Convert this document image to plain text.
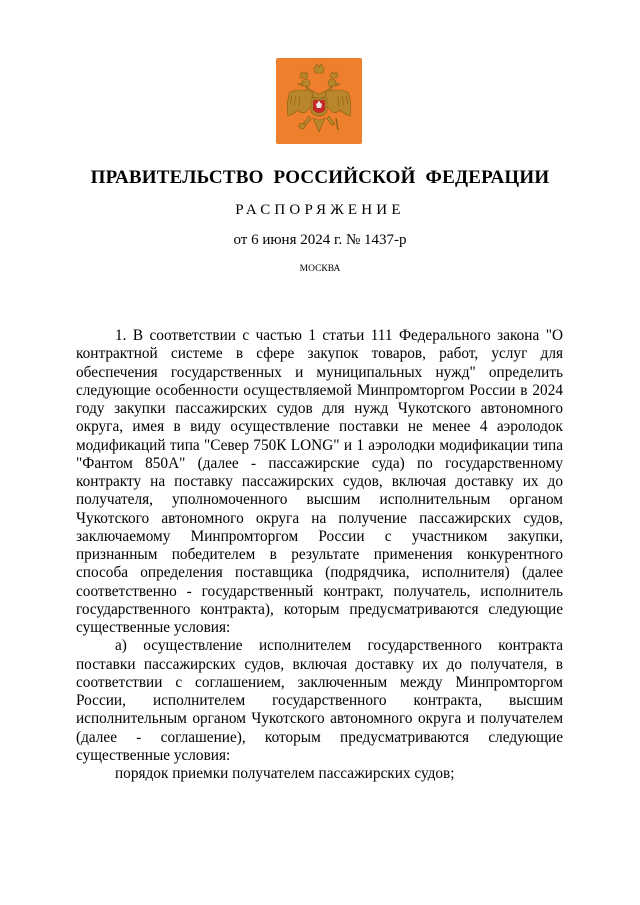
ПРАВИТЕЛЬСТВО РОССИЙСКОЙ ФЕДЕРАЦИИ
РАСПОРЯЖЕНИЕ
от 6 июня 2024 г. № 1437-р
МОСКВА

1. В соответствии с частью 1 статьи 111 Федерального закона "О контрактной системе в сфере закупок товаров, работ, услуг для обеспечения государственных и муниципальных нужд" определить следующие особенности осуществляемой Минпромторгом России в 2024 году закупки пассажирских судов для нужд Чукотского автономного округа, имея в виду осуществление поставки не менее 4 аэролодок модификаций типа "Север 750К LONG" и 1 аэролодки модификации типа "Фантом 850А" (далее - пассажирские суда) по государственному контракту на поставку пассажирских судов, включая доставку их до получателя, уполномоченного высшим исполнительным органом Чукотского автономного округа на получение пассажирских судов, заключаемому Минпромторгом России с участником закупки, признанным победителем в результате применения конкурентного способа определения поставщика (подрядчика, исполнителя) (далее соответственно - государственный контракт, получатель, исполнитель государственного контракта), которым предусматриваются следующие существенные условия:

а) осуществление исполнителем государственного контракта поставки пассажирских судов, включая доставку их до получателя, в соответствии с соглашением, заключенным между Минпромторгом России, исполнителем государственного контракта, высшим исполнительным органом Чукотского автономного округа и получателем (далее - соглашение), которым предусматриваются следующие существенные условия:

порядок приемки получателем пассажирских судов;
